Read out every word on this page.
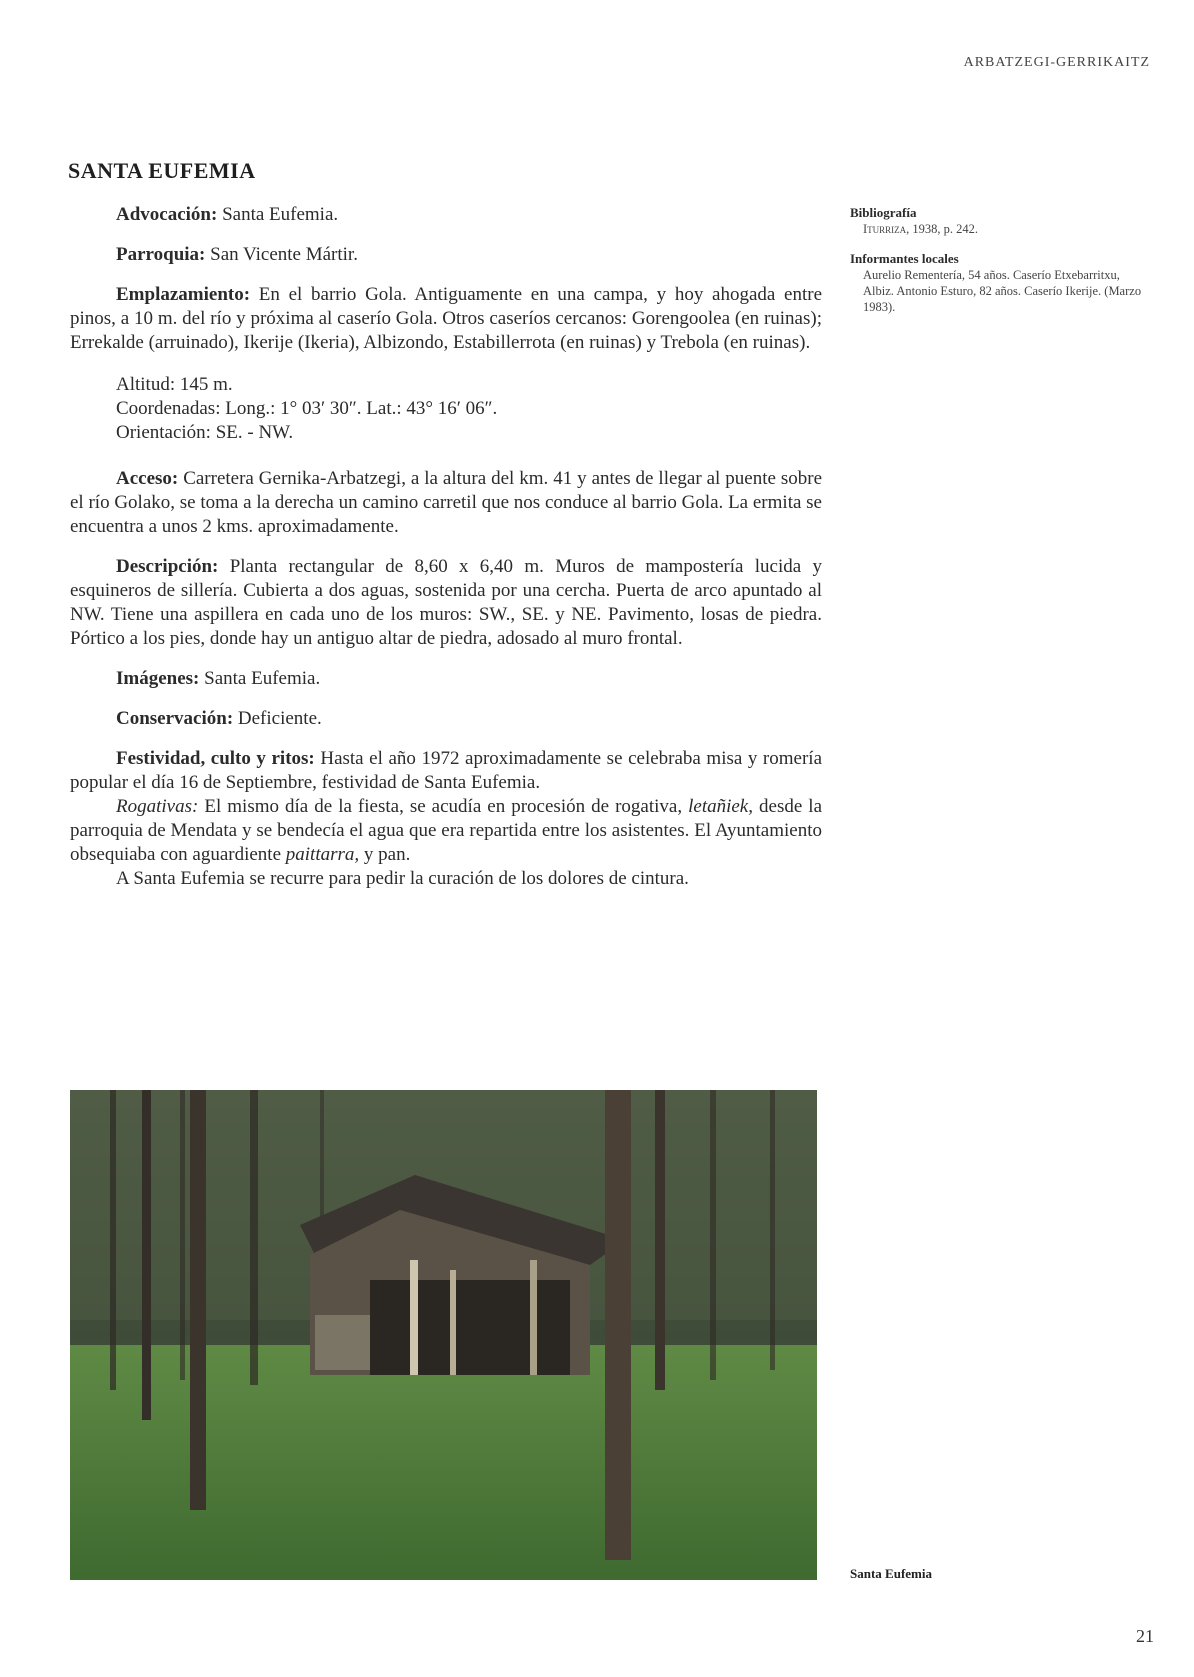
ARBATZEGI-GERRIKAITZ
SANTA EUFEMIA

Advocación: Santa Eufemia.

Parroquia: San Vicente Mártir.

Emplazamiento: En el barrio Gola. Antiguamente en una campa, y hoy ahogada entre pinos, a 10 m. del río y próxima al caserío Gola. Otros caseríos cercanos: Gorengoolea (en ruinas); Errekalde (arruinado), Ikerije (Ikeria), Albizondo, Estabillerrota (en ruinas) y Trebola (en ruinas).

Altitud: 145 m.
Coordenadas: Long.: 1° 03′ 30″. Lat.: 43° 16′ 06″.
Orientación: SE. - NW.

Acceso: Carretera Gernika-Arbatzegi, a la altura del km. 41 y antes de llegar al puente sobre el río Golako, se toma a la derecha un camino carretil que nos conduce al barrio Gola. La ermita se encuentra a unos 2 kms. aproximadamente.

Descripción: Planta rectangular de 8,60 x 6,40 m. Muros de mampostería lucida y esquineros de sillería. Cubierta a dos aguas, sostenida por una cercha. Puerta de arco apuntado al NW. Tiene una aspillera en cada uno de los muros: SW., SE. y NE. Pavimento, losas de piedra. Pórtico a los pies, donde hay un antiguo altar de piedra, adosado al muro frontal.

Imágenes: Santa Eufemia.

Conservación: Deficiente.

Festividad, culto y ritos: Hasta el año 1972 aproximadamente se celebraba misa y romería popular el día 16 de Septiembre, festividad de Santa Eufemia.

Rogativas: El mismo día de la fiesta, se acudía en procesión de rogativa, letañiek, desde la parroquia de Mendata y se bendecía el agua que era repartida entre los asistentes. El Ayuntamiento obsequiaba con aguardiente paittarra, y pan.

A Santa Eufemia se recurre para pedir la curación de los dolores de cintura.

Bibliografía
Iturriza, 1938, p. 242.
Informantes locales
Aurelio Rementería, 54 años. Caserío Etxebarritxu, Albiz. Antonio Esturo, 82 años. Caserío Ikerije. (Marzo 1983).
Santa Eufemia
21
